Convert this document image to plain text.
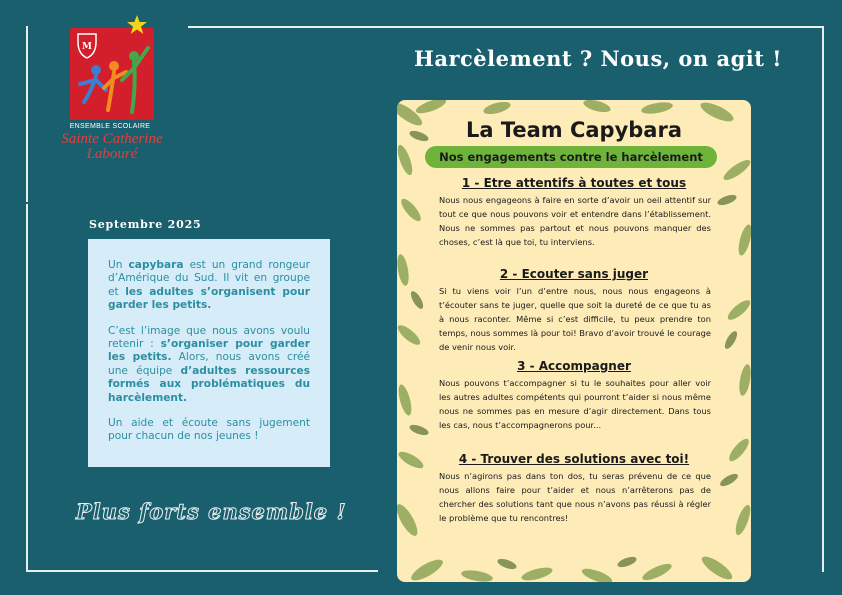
M
ENSEMBLE SCOLAIRE
Sainte Catherine
Labouré
Harcèlement ? Nous, on agit !
Septembre 2025

Un capybara est un grand rongeur d’Amérique du Sud. Il vit en groupe et les adultes s’organisent pour garder les petits.

C’est l’image que nous avons voulu retenir : s’organiser pour garder les petits. Alors, nous avons créé une équipe d’adultes ressources formés aux problématiques du harcèlement.

Un aide et écoute sans jugement pour chacun de nos jeunes !

Plus forts ensemble !
La Team Capybara
Nos engagements contre le harcèlement
1 - Etre attentifs à toutes et tous
Nous nous engageons à faire en sorte d’avoir un oeil attentif sur tout ce que nous pouvons voir et entendre dans l’établissement. Nous ne sommes pas partout et nous pouvons manquer des choses, c’est là que toi, tu interviens.
2 - Ecouter sans juger
Si tu viens voir l’un d’entre nous, nous nous engageons à t’écouter sans te juger, quelle que soit la dureté de ce que tu as à nous raconter. Même si c’est difficile, tu peux prendre ton temps, nous sommes là pour toi! Bravo d’avoir trouvé le courage de venir nous voir.
3 - Accompagner
Nous pouvons t’accompagner si tu le souhaites pour aller voir les autres adultes compétents qui pourront t’aider si nous même nous ne sommes pas en mesure d’agir directement. Dans tous les cas, nous t’accompagnerons pour...
4 - Trouver des solutions avec toi!
Nous n’agirons pas dans ton dos, tu seras prévenu de ce que nous allons faire pour t’aider et nous n’arrêterons pas de chercher des solutions tant que nous n’avons pas réussi à régler le problème que tu rencontres!
